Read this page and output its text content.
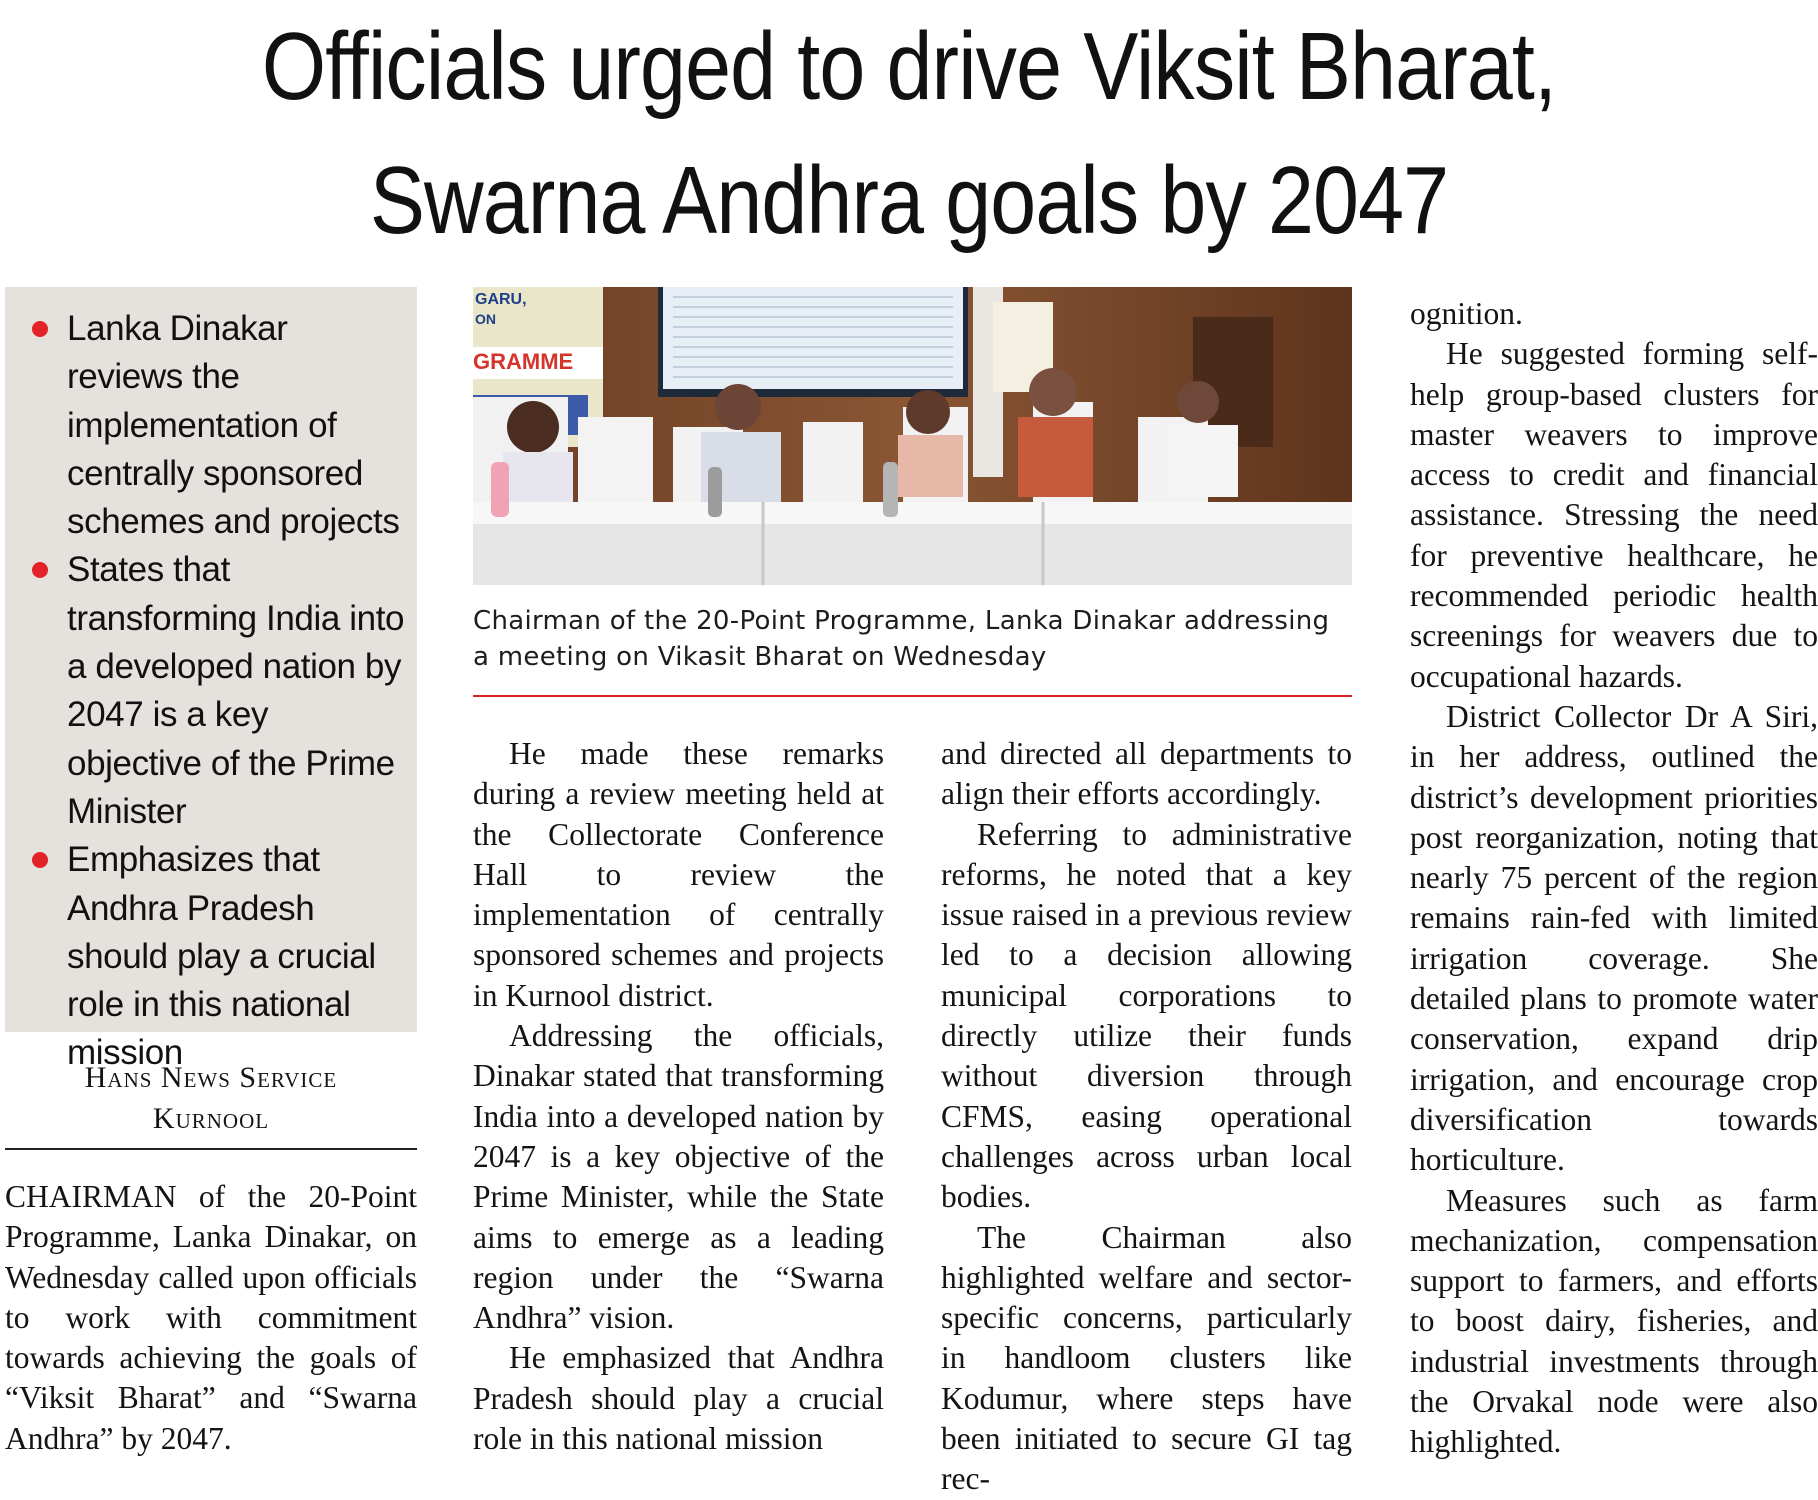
Officials urged to drive Viksit Bharat,
Swarna Andhra goals by 2047
Lanka Dinakar reviews the implementation of centrally sponsored schemes and projects
States that transforming India into a developed nation by 2047 is a key objective of the Prime Minister
Emphasizes that Andhra Pradesh should play a crucial role in this national mission
Hans News Service
Kurnool

CHAIRMAN of the 20-Point Programme, Lanka Dinakar, on Wednesday called upon officials to work with commitment towards achieving the goals of “Viksit Bharat” and “Swarna Andhra” by 2047.

GARU,
ON
GRAMME
Chairman of the 20-Point Programme, Lanka Dinakar addressing
a meeting on Vikasit Bharat on Wednesday

He made these remarks during a review meeting held at the Collectorate Conference Hall to review the implementation of centrally sponsored schemes and projects in Kurnool district.

Addressing the officials, Dinakar stated that transforming India into a developed nation by 2047 is a key objective of the Prime Minister, while the State aims to emerge as a leading region under the “Swarna Andhra” vision.

He emphasized that Andhra Pradesh should play a crucial role in this national mission

and directed all departments to align their efforts accordingly.

Referring to administrative reforms, he noted that a key issue raised in a previous review led to a decision allowing municipal corporations to directly utilize their funds without diversion through CFMS, easing operational challenges across urban local bodies.

The Chairman also highlighted welfare and sector-specific concerns, particularly in handloom clusters like Kodumur, where steps have been initiated to secure GI tag rec-

ognition.

He suggested forming self-help group-based clusters for master weavers to improve access to credit and financial assistance. Stressing the need for preventive healthcare, he recommended periodic health screenings for weavers due to occupational hazards.

District Collector Dr A Siri, in her address, outlined the district’s development priorities post reorganization, noting that nearly 75 percent of the region remains rain-fed with limited irrigation coverage. She detailed plans to promote water conservation, expand drip irrigation, and encourage crop diversification towards horticulture.

Measures such as farm mechanization, compensation support to farmers, and efforts to boost dairy, fisheries, and industrial investments through the Orvakal node were also highlighted.
